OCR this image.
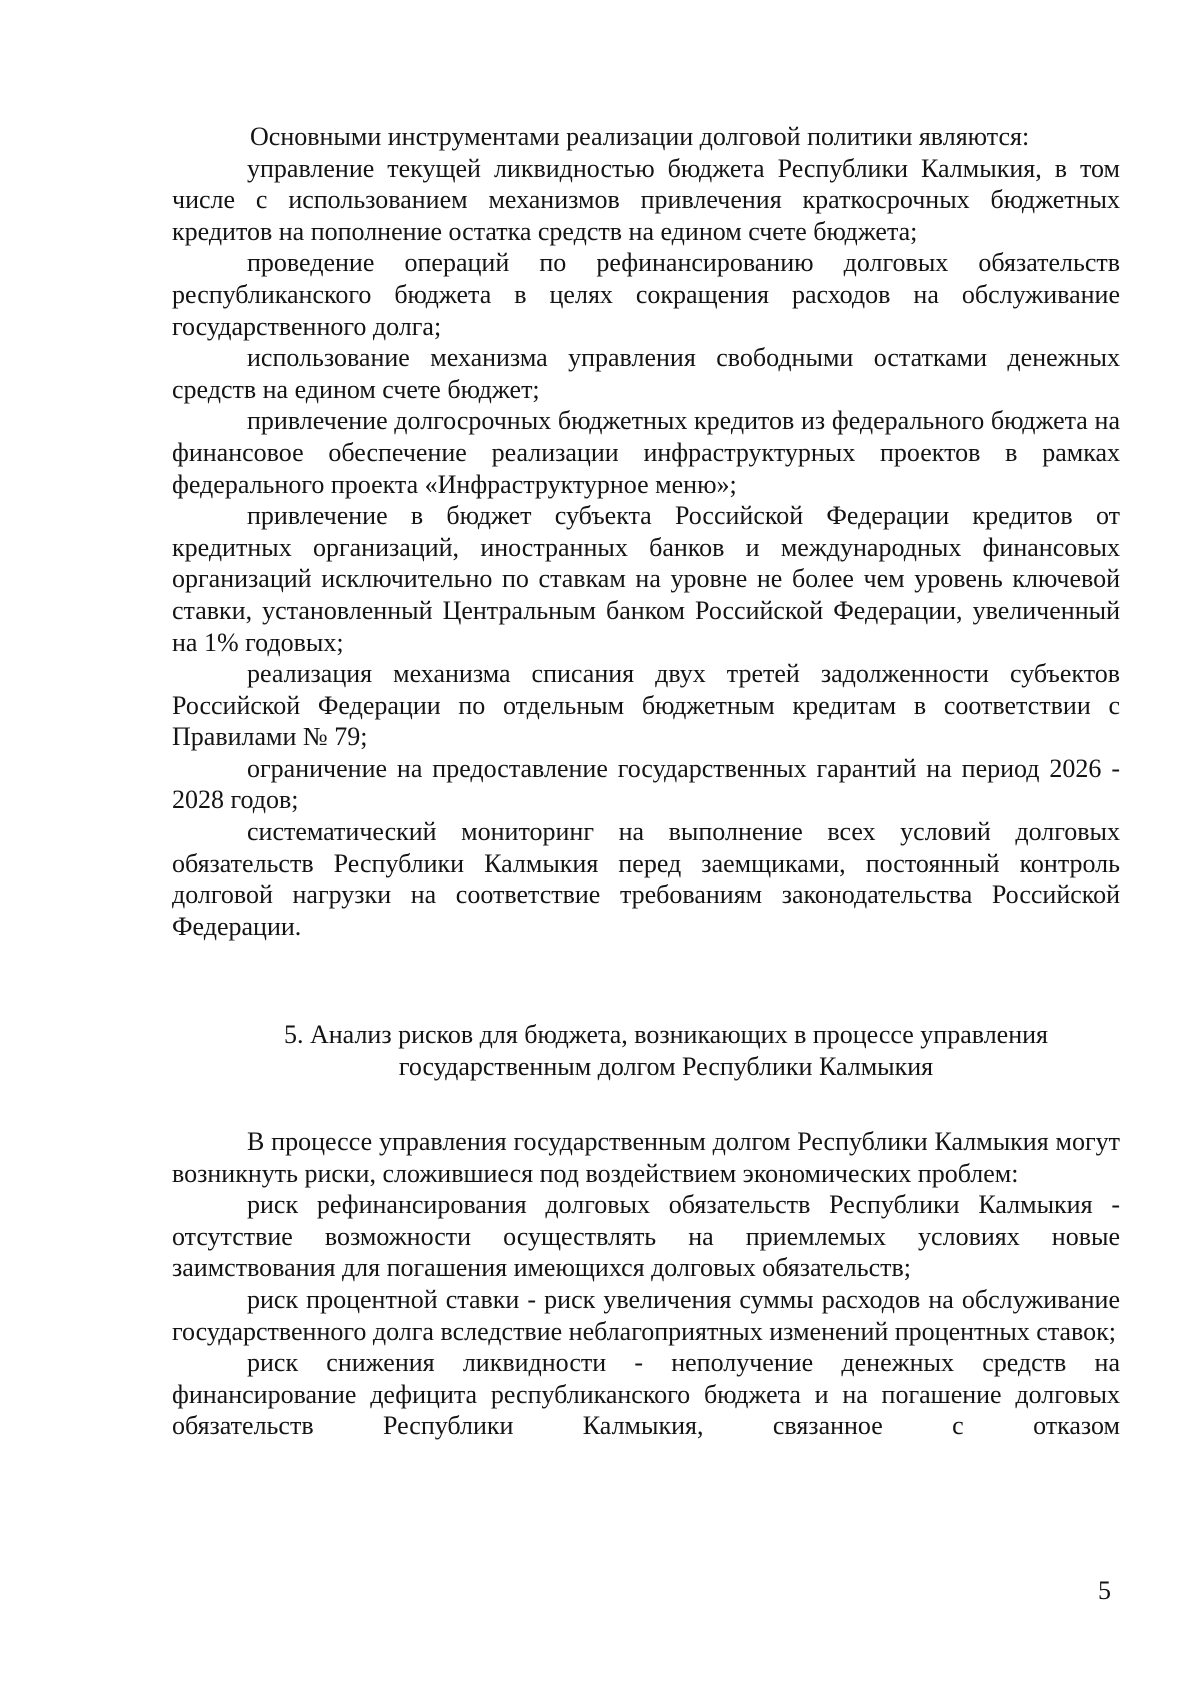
Основными инструментами реализации долговой политики являются:

управление текущей ликвидностью бюджета Республики Калмыкия, в том числе с использованием механизмов привлечения краткосрочных бюджетных кредитов на пополнение остатка средств на едином счете бюджета;

проведение операций по рефинансированию долговых обязательств республиканского бюджета в целях сокращения расходов на обслуживание государственного долга;

использование механизма управления свободными остатками денежных средств на едином счете бюджет;

привлечение долгосрочных бюджетных кредитов из федерального бюджета на финансовое обеспечение реализации инфраструктурных проектов в рамках федерального проекта «Инфраструктурное меню»;

привлечение в бюджет субъекта Российской Федерации кредитов от кредитных организаций, иностранных банков и международных финансовых организаций исключительно по ставкам на уровне не более чем уровень ключевой ставки, установленный Центральным банком Российской Федерации, увеличенный на 1% годовых;

реализация механизма списания двух третей задолженности субъектов Российской Федерации по отдельным бюджетным кредитам в соответствии с Правилами № 79;

ограничение на предоставление государственных гарантий на период 2026 - 2028 годов;

систематический мониторинг на выполнение всех условий долговых обязательств Республики Калмыкия перед заемщиками, постоянный контроль долговой нагрузки на соответствие требованиям законодательства Российской Федерации.

5. Анализ рисков для бюджета, возникающих в процессе управления
государственным долгом Республики Калмыкия

В процессе управления государственным долгом Республики Калмыкия могут возникнуть риски, сложившиеся под воздействием экономических проблем:

риск рефинансирования долговых обязательств Республики Калмыкия - отсутствие возможности осуществлять на приемлемых условиях новые заимствования для погашения имеющихся долговых обязательств;

риск процентной ставки - риск увеличения суммы расходов на обслуживание государственного долга вследствие неблагоприятных изменений процентных ставок;

риск снижения ликвидности - неполучение денежных средств на финансирование дефицита республиканского бюджета и на погашение долговых обязательств Республики Калмыкия, связанное с отказом

5
